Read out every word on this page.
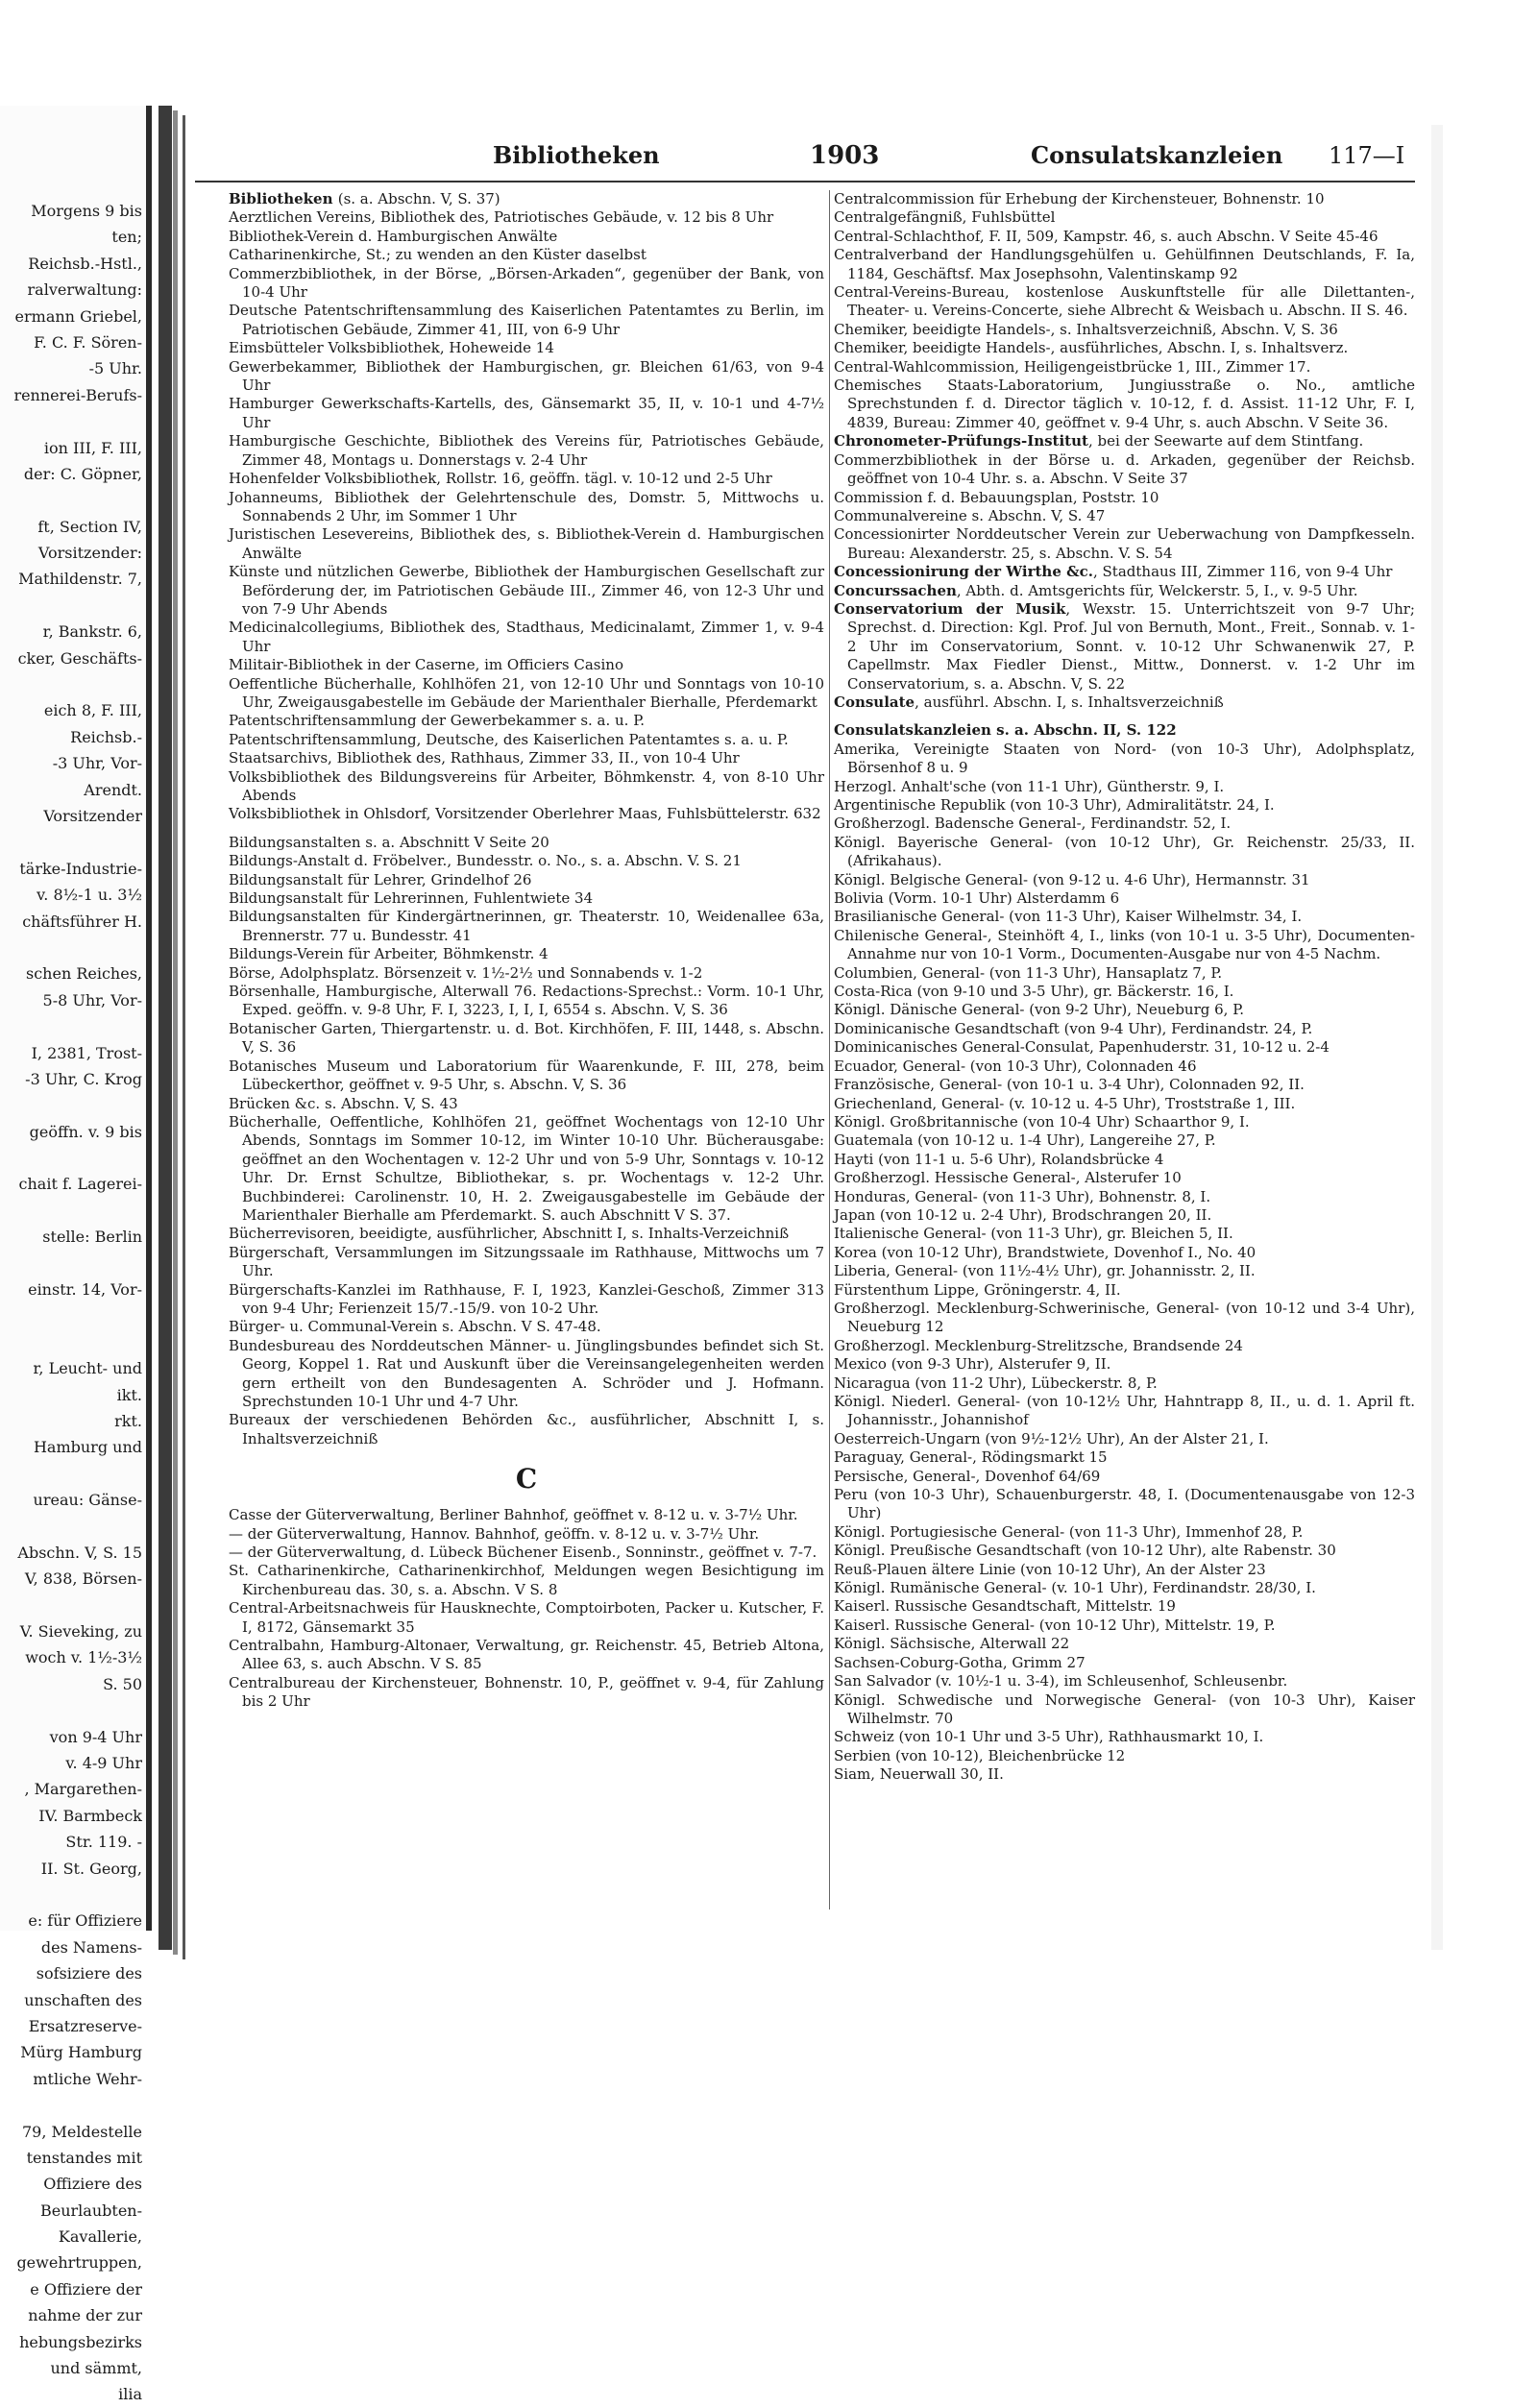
Morgens 9 bis
ten;
Reichsb.-Hstl.,
ralverwaltung:
ermann Griebel,
F. C. F. Sören-
-5 Uhr.
rennerei-Berufs-
ion III, F. III,
der: C. Göpner,
ft, Section IV,
Vorsitzender:
Mathildenstr. 7,
r, Bankstr. 6,
cker, Geschäfts-
eich 8, F. III,
Reichsb.-
-3 Uhr, Vor-
Arendt.
Vorsitzender
tärke-Industrie-
v. 8½-1 u. 3½
chäftsführer H.
schen Reiches,
5-8 Uhr, Vor-
I, 2381, Trost-
-3 Uhr, C. Krog
geöffn. v. 9 bis
chait f. Lagerei-
stelle: Berlin
einstr. 14, Vor-
r, Leucht- und
ikt.
rkt.
Hamburg und
ureau: Gänse-
Abschn. V, S. 15
V, 838, Börsen-
V. Sieveking, zu
woch v. 1½-3½
S. 50
von 9-4 Uhr
v. 4-9 Uhr
, Margarethen-
IV. Barmbeck
Str. 119. -
II. St. Georg,
e: für Offiziere
des Namens-
sofsiziere des
unschaften des
Ersatzreserve-
Mürg Hamburg
mtliche Wehr-
79, Meldestelle
tenstandes mit
Offiziere des
Beurlaubten-
Kavallerie,
gewehrtruppen,
e Offiziere der
nahme der zur
hebungsbezirks
und sämmt,
ilia
Bibliotheken	1903	Consulatskanzleien 117—I

Bibliotheken (s. a. Abschn. V, S. 37)

Aerztlichen Vereins, Bibliothek des, Patriotisches Gebäude, v. 12 bis 8 Uhr

Bibliothek-Verein d. Hamburgischen Anwälte

Catharinenkirche, St.; zu wenden an den Küster daselbst

Commerzbibliothek, in der Börse, „Börsen-Arkaden“, gegenüber der Bank, von 10-4 Uhr

Deutsche Patentschriftensammlung des Kaiserlichen Patentamtes zu Berlin, im Patriotischen Gebäude, Zimmer 41, III, von 6-9 Uhr

Eimsbütteler Volksbibliothek, Hoheweide 14

Gewerbekammer, Bibliothek der Hamburgischen, gr. Bleichen 61/63, von 9-4 Uhr

Hamburger Gewerkschafts-Kartells, des, Gänsemarkt 35, II, v. 10-1 und 4-7½ Uhr

Hamburgische Geschichte, Bibliothek des Vereins für, Patriotisches Gebäude, Zimmer 48, Montags u. Donnerstags v. 2-4 Uhr

Hohenfelder Volksbibliothek, Rollstr. 16, geöffn. tägl. v. 10-12 und 2-5 Uhr

Johanneums, Bibliothek der Gelehrtenschule des, Domstr. 5, Mittwochs u. Sonnabends 2 Uhr, im Sommer 1 Uhr

Juristischen Lesevereins, Bibliothek des, s. Bibliothek-Verein d. Hamburgischen Anwälte

Künste und nützlichen Gewerbe, Bibliothek der Hamburgischen Gesellschaft zur Beförderung der, im Patriotischen Gebäude III., Zimmer 46, von 12-3 Uhr und von 7-9 Uhr Abends

Medicinalcollegiums, Bibliothek des, Stadthaus, Medicinalamt, Zimmer 1, v. 9-4 Uhr

Militair-Bibliothek in der Caserne, im Officiers Casino

Oeffentliche Bücherhalle, Kohlhöfen 21, von 12-10 Uhr und Sonntags von 10-10 Uhr, Zweigausgabestelle im Gebäude der Marienthaler Bierhalle, Pferdemarkt

Patentschriftensammlung der Gewerbekammer s. a. u. P.

Patentschriftensammlung, Deutsche, des Kaiserlichen Patentamtes s. a. u. P.

Staatsarchivs, Bibliothek des, Rathhaus, Zimmer 33, II., von 10-4 Uhr

Volksbibliothek des Bildungsvereins für Arbeiter, Böhmkenstr. 4, von 8-10 Uhr Abends

Volksbibliothek in Ohlsdorf, Vorsitzender Oberlehrer Maas, Fuhlsbüttelerstr. 632

Bildungsanstalten s. a. Abschnitt V Seite 20

Bildungs-Anstalt d. Fröbelver., Bundesstr. o. No., s. a. Abschn. V. S. 21

Bildungsanstalt für Lehrer, Grindelhof 26

Bildungsanstalt für Lehrerinnen, Fuhlentwiete 34

Bildungsanstalten für Kindergärtnerinnen, gr. Theaterstr. 10, Weidenallee 63a, Brennerstr. 77 u. Bundesstr. 41

Bildungs-Verein für Arbeiter, Böhmkenstr. 4

Börse, Adolphsplatz. Börsenzeit v. 1½-2½ und Sonnabends v. 1-2

Börsenhalle, Hamburgische, Alterwall 76. Redactions-Sprechst.: Vorm. 10-1 Uhr, Exped. geöffn. v. 9-8 Uhr, F. I, 3223, I, I, I, 6554 s. Abschn. V, S. 36

Botanischer Garten, Thiergartenstr. u. d. Bot. Kirchhöfen, F. III, 1448, s. Abschn. V, S. 36

Botanisches Museum und Laboratorium für Waarenkunde, F. III, 278, beim Lübeckerthor, geöffnet v. 9-5 Uhr, s. Abschn. V, S. 36

Brücken &c. s. Abschn. V, S. 43

Bücherhalle, Oeffentliche, Kohlhöfen 21, geöffnet Wochentags von 12-10 Uhr Abends, Sonntags im Sommer 10-12, im Winter 10-10 Uhr. Bücherausgabe: geöffnet an den Wochentagen v. 12-2 Uhr und von 5-9 Uhr, Sonntags v. 10-12 Uhr. Dr. Ernst Schultze, Bibliothekar, s. pr. Wochentags v. 12-2 Uhr. Buchbinderei: Carolinenstr. 10, H. 2. Zweigausgabestelle im Gebäude der Marienthaler Bierhalle am Pferdemarkt. S. auch Abschnitt V S. 37.

Bücherrevisoren, beeidigte, ausführlicher, Abschnitt I, s. Inhalts-Verzeichniß

Bürgerschaft, Versammlungen im Sitzungssaale im Rathhause, Mittwochs um 7 Uhr.

Bürgerschafts-Kanzlei im Rathhause, F. I, 1923, Kanzlei-Geschoß, Zimmer 313 von 9-4 Uhr; Ferienzeit 15/7.-15/9. von 10-2 Uhr.

Bürger- u. Communal-Verein s. Abschn. V S. 47-48.

Bundesbureau des Norddeutschen Männer- u. Jünglingsbundes befindet sich St. Georg, Koppel 1. Rat und Auskunft über die Vereinsangelegenheiten werden gern ertheilt von den Bundesagenten A. Schröder und J. Hofmann. Sprechstunden 10-1 Uhr und 4-7 Uhr.

Bureaux der verschiedenen Behörden &c., ausführlicher, Abschnitt I, s. Inhaltsverzeichniß

C

Casse der Güterverwaltung, Berliner Bahnhof, geöffnet v. 8-12 u. v. 3-7½ Uhr.

— der Güterverwaltung, Hannov. Bahnhof, geöffn. v. 8-12 u. v. 3-7½ Uhr.

— der Güterverwaltung, d. Lübeck Büchener Eisenb., Sonninstr., geöffnet v. 7-7.

St. Catharinenkirche, Catharinenkirchhof, Meldungen wegen Besichtigung im Kirchenbureau das. 30, s. a. Abschn. V S. 8

Central-Arbeitsnachweis für Hausknechte, Comptoirboten, Packer u. Kutscher, F. I, 8172, Gänsemarkt 35

Centralbahn, Hamburg-Altonaer, Verwaltung, gr. Reichenstr. 45, Betrieb Altona, Allee 63, s. auch Abschn. V S. 85

Centralbureau der Kirchensteuer, Bohnenstr. 10, P., geöffnet v. 9-4, für Zahlung bis 2 Uhr

Centralcommission für Erhebung der Kirchensteuer, Bohnenstr. 10

Centralgefängniß, Fuhlsbüttel

Central-Schlachthof, F. II, 509, Kampstr. 46, s. auch Abschn. V Seite 45-46

Centralverband der Handlungsgehülfen u. Gehülfinnen Deutschlands, F. Ia, 1184, Geschäftsf. Max Josephsohn, Valentinskamp 92

Central-Vereins-Bureau, kostenlose Auskunftstelle für alle Dilettanten-, Theater- u. Vereins-Concerte, siehe Albrecht & Weisbach u. Abschn. II S. 46.

Chemiker, beeidigte Handels-, s. Inhaltsverzeichniß, Abschn. V, S. 36

Chemiker, beeidigte Handels-, ausführliches, Abschn. I, s. Inhaltsverz.

Central-Wahlcommission, Heiligengeistbrücke 1, III., Zimmer 17.

Chemisches Staats-Laboratorium, Jungiusstraße o. No., amtliche Sprechstunden f. d. Director täglich v. 10-12, f. d. Assist. 11-12 Uhr, F. I, 4839, Bureau: Zimmer 40, geöffnet v. 9-4 Uhr, s. auch Abschn. V Seite 36.

Chronometer-Prüfungs-Institut, bei der Seewarte auf dem Stintfang.

Commerzbibliothek in der Börse u. d. Arkaden, gegenüber der Reichsb. geöffnet von 10-4 Uhr. s. a. Abschn. V Seite 37

Commission f. d. Bebauungsplan, Poststr. 10

Communalvereine s. Abschn. V, S. 47

Concessionirter Norddeutscher Verein zur Ueberwachung von Dampfkesseln. Bureau: Alexanderstr. 25, s. Abschn. V. S. 54

Concessionirung der Wirthe &c., Stadthaus III, Zimmer 116, von 9-4 Uhr

Concurssachen, Abth. d. Amtsgerichts für, Welckerstr. 5, I., v. 9-5 Uhr.

Conservatorium der Musik, Wexstr. 15. Unterrichtszeit von 9-7 Uhr; Sprechst. d. Direction: Kgl. Prof. Jul von Bernuth, Mont., Freit., Sonnab. v. 1-2 Uhr im Conservatorium, Sonnt. v. 10-12 Uhr Schwanenwik 27, P. Capellmstr. Max Fiedler Dienst., Mittw., Donnerst. v. 1-2 Uhr im Conservatorium, s. a. Abschn. V, S. 22

Consulate, ausführl. Abschn. I, s. Inhaltsverzeichniß

Consulatskanzleien s. a. Abschn. II, S. 122

Amerika, Vereinigte Staaten von Nord- (von 10-3 Uhr), Adolphsplatz, Börsenhof 8 u. 9

Herzogl. Anhalt'sche (von 11-1 Uhr), Güntherstr. 9, I.

Argentinische Republik (von 10-3 Uhr), Admiralitätstr. 24, I.

Großherzogl. Badensche General-, Ferdinandstr. 52, I.

Königl. Bayerische General- (von 10-12 Uhr), Gr. Reichenstr. 25/33, II. (Afrikahaus).

Königl. Belgische General- (von 9-12 u. 4-6 Uhr), Hermannstr. 31

Bolivia (Vorm. 10-1 Uhr) Alsterdamm 6

Brasilianische General- (von 11-3 Uhr), Kaiser Wilhelmstr. 34, I.

Chilenische General-, Steinhöft 4, I., links (von 10-1 u. 3-5 Uhr), Documenten-Annahme nur von 10-1 Vorm., Documenten-Ausgabe nur von 4-5 Nachm.

Columbien, General- (von 11-3 Uhr), Hansaplatz 7, P.

Costa-Rica (von 9-10 und 3-5 Uhr), gr. Bäckerstr. 16, I.

Königl. Dänische General- (von 9-2 Uhr), Neueburg 6, P.

Dominicanische Gesandtschaft (von 9-4 Uhr), Ferdinandstr. 24, P.

Dominicanisches General-Consulat, Papenhuderstr. 31, 10-12 u. 2-4

Ecuador, General- (von 10-3 Uhr), Colonnaden 46

Französische, General- (von 10-1 u. 3-4 Uhr), Colonnaden 92, II.

Griechenland, General- (v. 10-12 u. 4-5 Uhr), Troststraße 1, III.

Königl. Großbritannische (von 10-4 Uhr) Schaarthor 9, I.

Guatemala (von 10-12 u. 1-4 Uhr), Langereihe 27, P.

Hayti (von 11-1 u. 5-6 Uhr), Rolandsbrücke 4

Großherzogl. Hessische General-, Alsterufer 10

Honduras, General- (von 11-3 Uhr), Bohnenstr. 8, I.

Japan (von 10-12 u. 2-4 Uhr), Brodschrangen 20, II.

Italienische General- (von 11-3 Uhr), gr. Bleichen 5, II.

Korea (von 10-12 Uhr), Brandstwiete, Dovenhof I., No. 40

Liberia, General- (von 11½-4½ Uhr), gr. Johannisstr. 2, II.

Fürstenthum Lippe, Gröningerstr. 4, II.

Großherzogl. Mecklenburg-Schwerinische, General- (von 10-12 und 3-4 Uhr), Neueburg 12

Großherzogl. Mecklenburg-Strelitzsche, Brandsende 24

Mexico (von 9-3 Uhr), Alsterufer 9, II.

Nicaragua (von 11-2 Uhr), Lübeckerstr. 8, P.

Königl. Niederl. General- (von 10-12½ Uhr, Hahntrapp 8, II., u. d. 1. April ft. Johannisstr., Johannishof

Oesterreich-Ungarn (von 9½-12½ Uhr), An der Alster 21, I.

Paraguay, General-, Rödingsmarkt 15

Persische, General-, Dovenhof 64/69

Peru (von 10-3 Uhr), Schauenburgerstr. 48, I. (Documentenausgabe von 12-3 Uhr)

Königl. Portugiesische General- (von 11-3 Uhr), Immenhof 28, P.

Königl. Preußische Gesandtschaft (von 10-12 Uhr), alte Rabenstr. 30

Reuß-Plauen ältere Linie (von 10-12 Uhr), An der Alster 23

Königl. Rumänische General- (v. 10-1 Uhr), Ferdinandstr. 28/30, I.

Kaiserl. Russische Gesandtschaft, Mittelstr. 19

Kaiserl. Russische General- (von 10-12 Uhr), Mittelstr. 19, P.

Königl. Sächsische, Alterwall 22

Sachsen-Coburg-Gotha, Grimm 27

San Salvador (v. 10½-1 u. 3-4), im Schleusenhof, Schleusenbr.

Königl. Schwedische und Norwegische General- (von 10-3 Uhr), Kaiser Wilhelmstr. 70

Schweiz (von 10-1 Uhr und 3-5 Uhr), Rathhausmarkt 10, I.

Serbien (von 10-12), Bleichenbrücke 12

Siam, Neuerwall 30, II.
